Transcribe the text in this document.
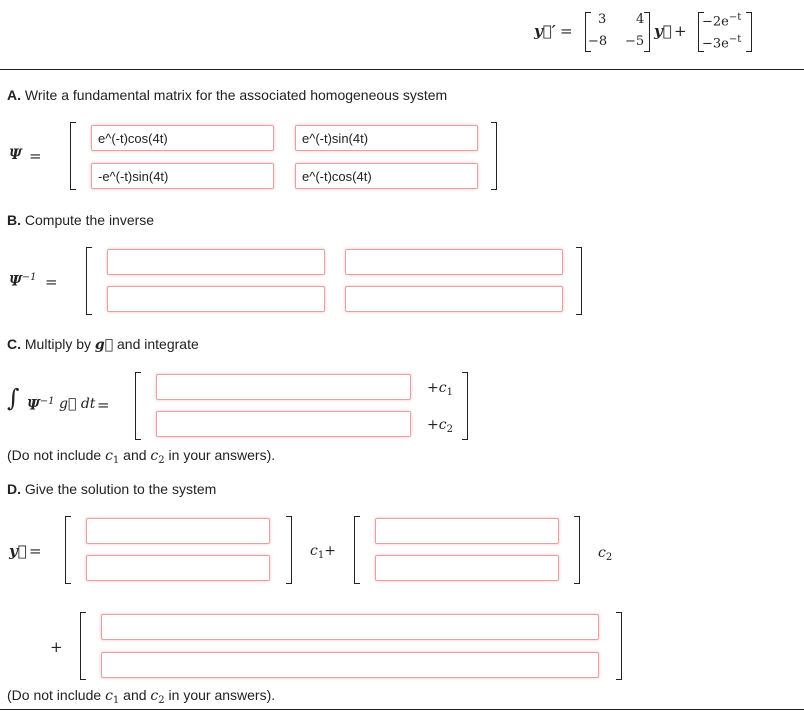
y⃗′ =
3 4
−8 −5
y⃗ +
$-2e^{-t}$
$-3e^{-t}$
A. Write a fundamental matrix for the associated homogeneous system
Ψ =
e^(-t)cos(4t)
e^(-t)sin(4t)
-e^(-t)sin(4t)
e^(-t)cos(4t)
B. Compute the inverse
$\Psi^{-1}$ =
C. Multiply by g⃗ and integrate
∫ $\Psi^{-1}$ g⃗ dt =
$+c_1$
$+c_2$
(Do not include $c_1$ and $c_2$ in your answers).
D. Give the solution to the system
y⃗ =	$c_1+$	$c_2$
+
(Do not include $c_1$ and $c_2$ in your answers).
